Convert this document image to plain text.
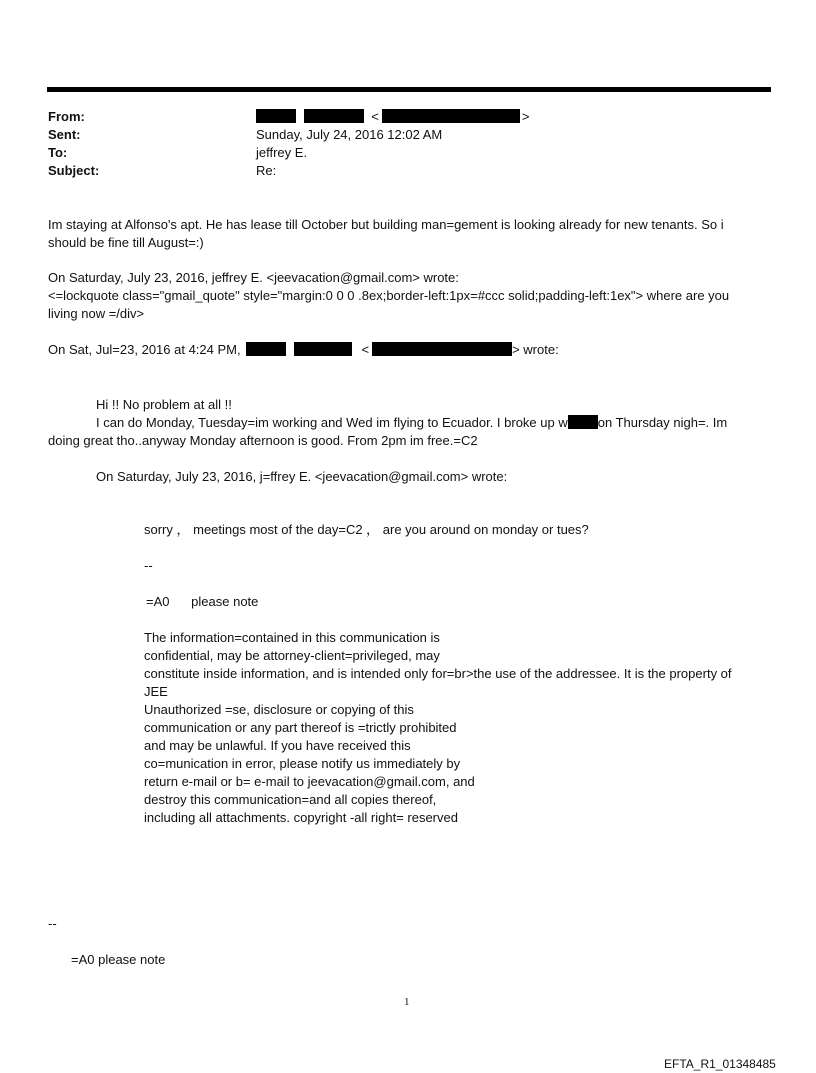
From:	<	>
Sent:	Sunday, July 24, 2016 12:02 AM
To:	jeffrey E.
Subject:	Re:
Im staying at Alfonso's apt. He has lease till October but building man=gement is looking already for new tenants. So i
should be fine till August=:)
On Saturday, July 23, 2016, jeffrey E. <jeevacation@gmail.com> wrote:
<=lockquote class="gmail_quote" style="margin:0 0 0 .8ex;border-left:1px=#ccc solid;padding-left:1ex"> where are you
living now =/div>
On Sat, Jul=23, 2016 at 4:24 PM,	<	> wrote:
Hi !! No problem at all !!
I can do Monday, Tuesday=im working and Wed im flying to Ecuador. I broke up w on Thursday nigh=. Im
doing great tho..anyway Monday afternoon is good. From 2pm im free.=C2
On Saturday, July 23, 2016, j=ffrey E. <jeevacation@gmail.com> wrote:
sorry ， meetings most of the day=C2 ， are you around on monday or tues?
--
=A0      please note
The information=contained in this communication is
confidential, may be attorney-client=privileged, may
constitute inside information, and is intended only for=br>the use of the addressee. It is the property of
JEE
Unauthorized =se, disclosure or copying of this
communication or any part thereof is =trictly prohibited
and may be unlawful. If you have received this
co=munication in error, please notify us immediately by
return e-mail or b= e-mail to jeevacation@gmail.com, and
destroy this communication=and all copies thereof,
including all attachments. copyright -all right= reserved
--
=A0 please note
1
EFTA_R1_01348485
